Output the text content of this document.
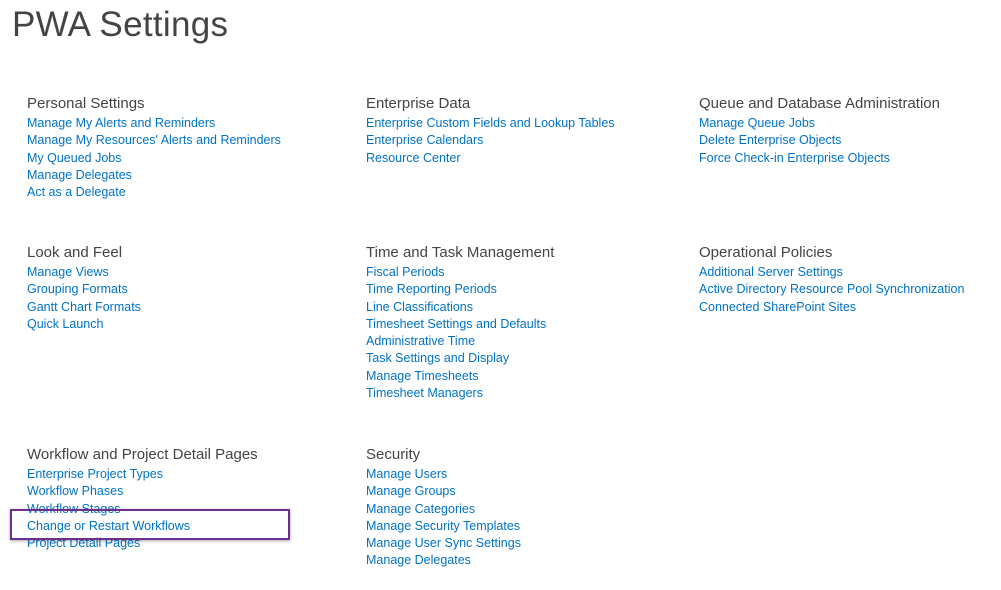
PWA Settings
Personal Settings
Manage My Alerts and Reminders
Manage My Resources' Alerts and Reminders
My Queued Jobs
Manage Delegates
Act as a Delegate
Enterprise Data
Enterprise Custom Fields and Lookup Tables
Enterprise Calendars
Resource Center
Queue and Database Administration
Manage Queue Jobs
Delete Enterprise Objects
Force Check-in Enterprise Objects
Look and Feel
Manage Views
Grouping Formats
Gantt Chart Formats
Quick Launch
Time and Task Management
Fiscal Periods
Time Reporting Periods
Line Classifications
Timesheet Settings and Defaults
Administrative Time
Task Settings and Display
Manage Timesheets
Timesheet Managers
Operational Policies
Additional Server Settings
Active Directory Resource Pool Synchronization
Connected SharePoint Sites
Workflow and Project Detail Pages
Enterprise Project Types
Workflow Phases
Workflow Stages
Change or Restart Workflows
Project Detail Pages
Security
Manage Users
Manage Groups
Manage Categories
Manage Security Templates
Manage User Sync Settings
Manage Delegates
